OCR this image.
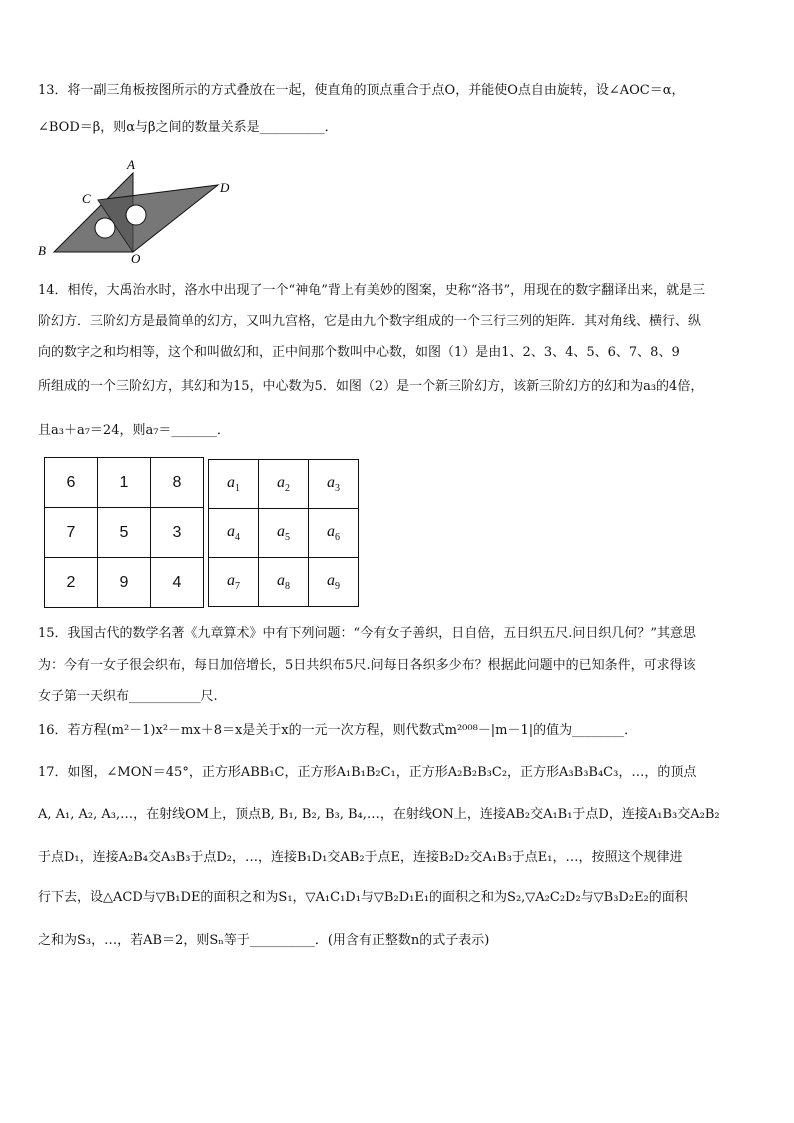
13．将一副三角板按图所示的方式叠放在一起，使直角的顶点重合于点O，并能使O点自由旋转，设∠AOC＝α，
∠BOD＝β，则α与β之间的数量关系是__________．
A
B
C
D
O
14．相传，大禹治水时，洛水中出现了一个“神龟”背上有美妙的图案，史称“洛书”，用现在的数字翻译出来，就是三
阶幻方．三阶幻方是最简单的幻方，又叫九宫格，它是由九个数字组成的一个三行三列的矩阵．其对角线、横行、纵
向的数字之和均相等，这个和叫做幻和，正中间那个数叫中心数，如图（1）是由1、2、3、4、5、6、7、8、9
所组成的一个三阶幻方，其幻和为15，中心数为5．如图（2）是一个新三阶幻方，该新三阶幻方的幻和为a₃的4倍，
且a₃＋a₇＝24，则a₇＝_______．
6	1	8
7	5	3
2	9	4
$a_1$	$a_2$	$a_3$
$a_4$	$a_5$	$a_6$
$a_7$	$a_8$	$a_9$
15．我国古代的数学名著《九章算术》中有下列问题：“今有女子善织，日自倍，五日织五尺.问日织几何？”其意思
为：今有一女子很会织布，每日加倍增长，5日共织布5尺.问每日各织多少布？根据此问题中的已知条件，可求得该
女子第一天织布___________尺.
16．若方程(m²－1)x²－mx＋8＝x是关于x的一元一次方程，则代数式m²⁰⁰⁸－|m－1|的值为________．
17．如图，∠MON＝45°，正方形ABB₁C，正方形A₁B₁B₂C₁，正方形A₂B₂B₃C₂，正方形A₃B₃B₄C₃，…，的顶点
A, A₁, A₂, A₃,…，在射线OM上，顶点B, B₁, B₂, B₃, B₄,…，在射线ON上，连接AB₂交A₁B₁于点D，连接A₁B₃交A₂B₂
于点D₁，连接A₂B₄交A₃B₃于点D₂，…，连接B₁D₁交AB₂于点E，连接B₂D₂交A₁B₃于点E₁，…，按照这个规律进
行下去，设△ACD与▽B₁DE的面积之和为S₁，▽A₁C₁D₁与▽B₂D₁E₁的面积之和为S₂,▽A₂C₂D₂与▽B₃D₂E₂的面积
之和为S₃，…，若AB＝2，则Sₙ等于__________．(用含有正整数n的式子表示)
